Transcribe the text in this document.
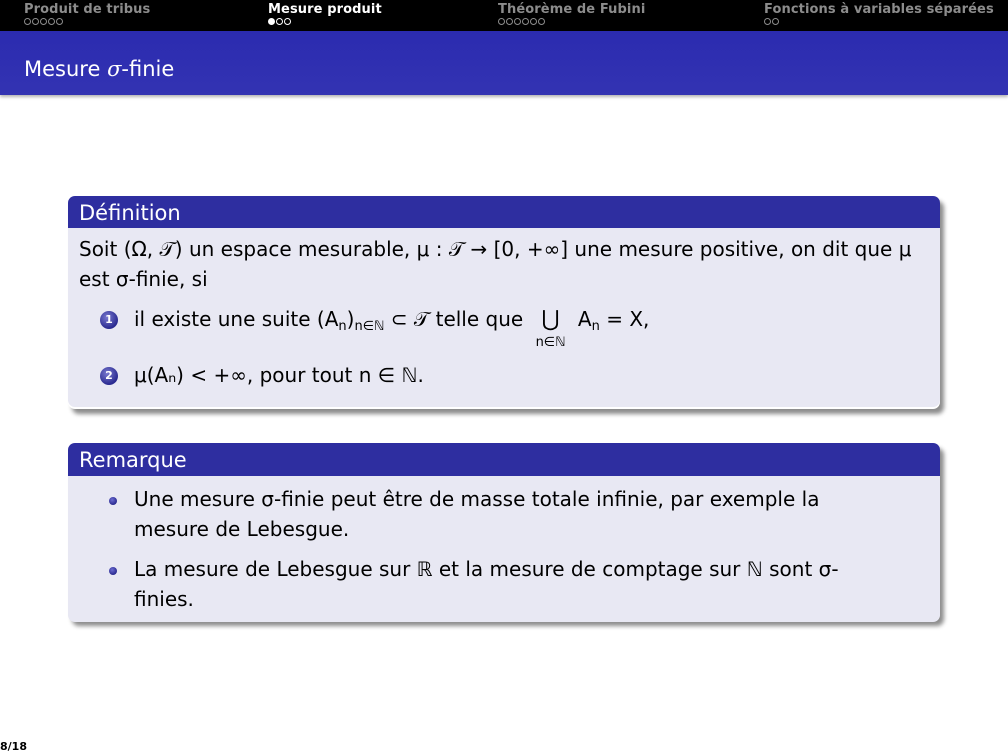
Produit de tribus	Mesure produit	Théorème de Fubini	Fonctions à variables séparées
Mesure σ-finie
Définition
Soit (Ω, 𝒯) un espace mesurable, μ : 𝒯 → [0, +∞] une mesure positive, on dit que μ est σ-finie, si
1 il existe une suite $(A_n)_{n\in ℕ}$ ⊂ 𝒯 telle que ⋃
n∈ℕ
$A_n = X$,
2 μ(Aₙ) < +∞, pour tout n ∈ ℕ.
Remarque
Une mesure σ-finie peut être de masse totale infinie, par exemple la mesure de Lebesgue.
La mesure de Lebesgue sur ℝ et la mesure de comptage sur ℕ sont σ-finies.
8/18
